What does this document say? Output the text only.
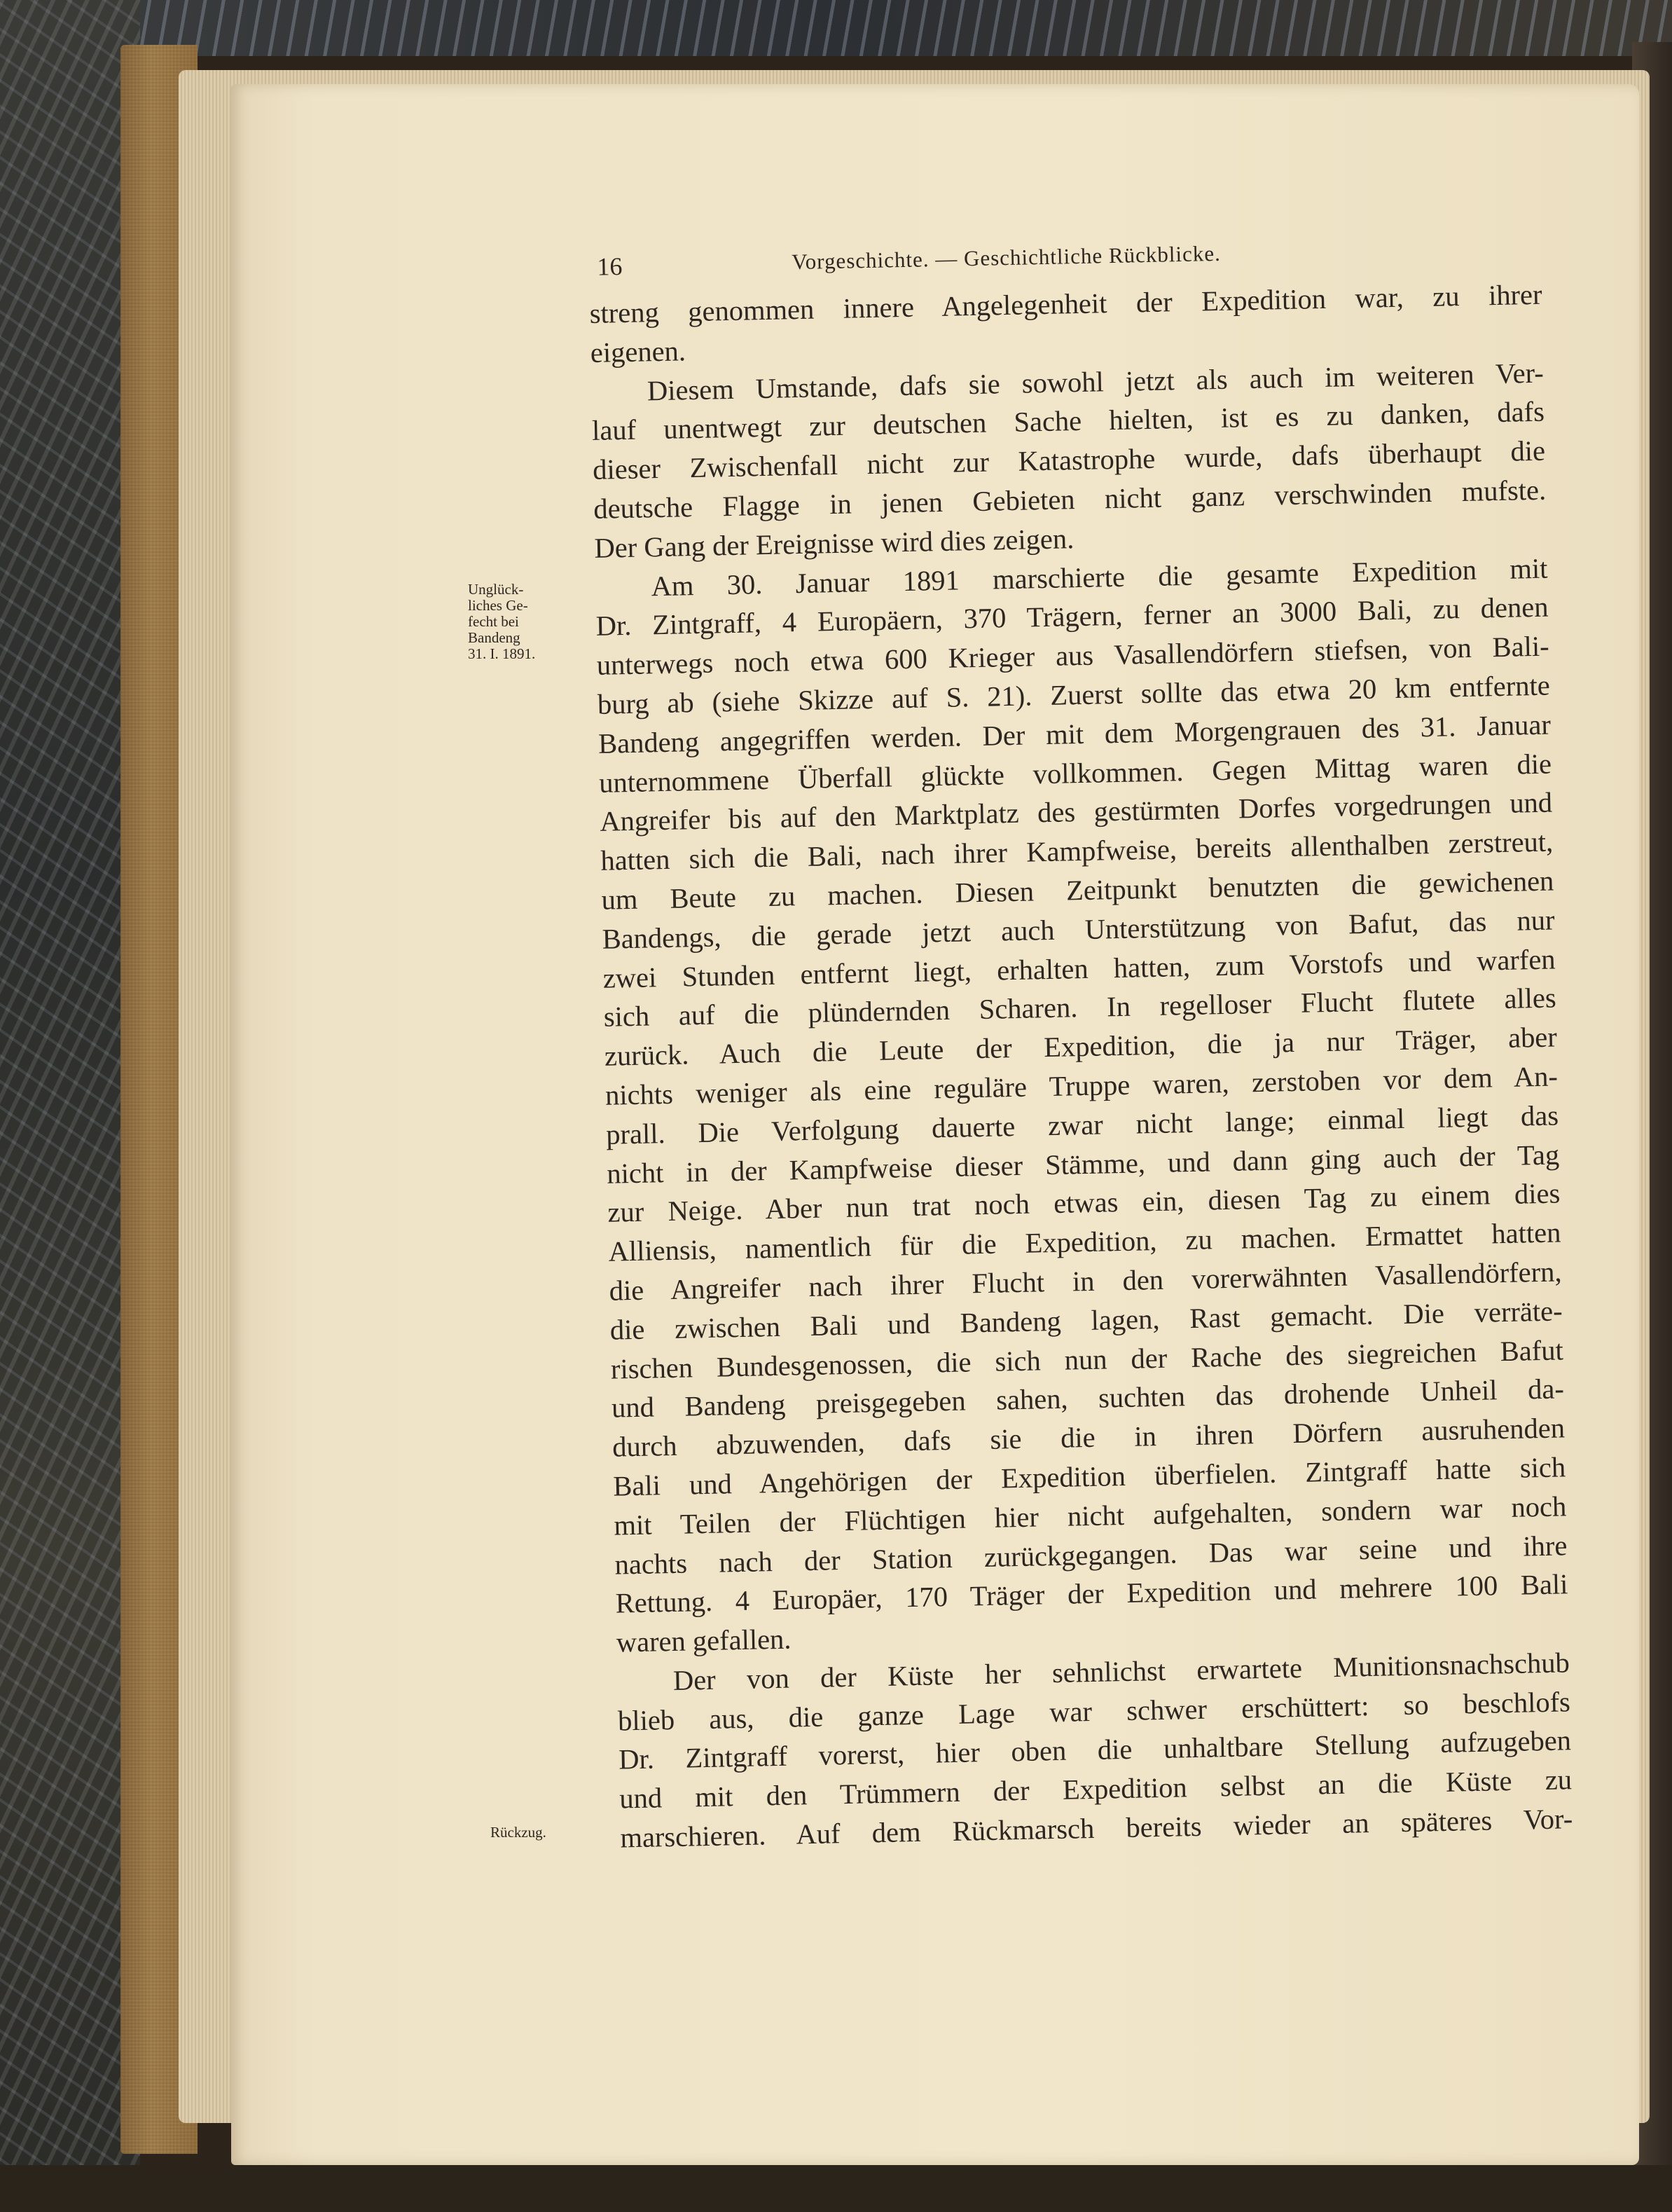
Unglück-
liches Ge-
fecht bei
Bandeng
31. I. 1891.
Rückzug.
16	Vorgeschichte. — Geschichtliche Rückblicke.
streng genommen innere Angelegenheit der Expedition war, zu ihrer
eigenen.
Diesem Umstande, dafs sie sowohl jetzt als auch im weiteren Ver-
lauf unentwegt zur deutschen Sache hielten, ist es zu danken, dafs
dieser Zwischenfall nicht zur Katastrophe wurde, dafs überhaupt die
deutsche Flagge in jenen Gebieten nicht ganz verschwinden mufste.
Der Gang der Ereignisse wird dies zeigen.
Am 30. Januar 1891 marschierte die gesamte Expedition mit
Dr. Zintgraff, 4 Europäern, 370 Trägern, ferner an 3000 Bali, zu denen
unterwegs noch etwa 600 Krieger aus Vasallendörfern stiefsen, von Bali-
burg ab (siehe Skizze auf S. 21). Zuerst sollte das etwa 20 km entfernte
Bandeng angegriffen werden. Der mit dem Morgengrauen des 31. Januar
unternommene Überfall glückte vollkommen. Gegen Mittag waren die
Angreifer bis auf den Marktplatz des gestürmten Dorfes vorgedrungen und
hatten sich die Bali, nach ihrer Kampfweise, bereits allenthalben zerstreut,
um Beute zu machen. Diesen Zeitpunkt benutzten die gewichenen
Bandengs, die gerade jetzt auch Unterstützung von Bafut, das nur
zwei Stunden entfernt liegt, erhalten hatten, zum Vorstofs und warfen
sich auf die plündernden Scharen. In regelloser Flucht flutete alles
zurück. Auch die Leute der Expedition, die ja nur Träger, aber
nichts weniger als eine reguläre Truppe waren, zerstoben vor dem An-
prall. Die Verfolgung dauerte zwar nicht lange; einmal liegt das
nicht in der Kampfweise dieser Stämme, und dann ging auch der Tag
zur Neige. Aber nun trat noch etwas ein, diesen Tag zu einem dies
Alliensis, namentlich für die Expedition, zu machen. Ermattet hatten
die Angreifer nach ihrer Flucht in den vorerwähnten Vasallendörfern,
die zwischen Bali und Bandeng lagen, Rast gemacht. Die verräte-
rischen Bundesgenossen, die sich nun der Rache des siegreichen Bafut
und Bandeng preisgegeben sahen, suchten das drohende Unheil da-
durch abzuwenden, dafs sie die in ihren Dörfern ausruhenden
Bali und Angehörigen der Expedition überfielen. Zintgraff hatte sich
mit Teilen der Flüchtigen hier nicht aufgehalten, sondern war noch
nachts nach der Station zurückgegangen. Das war seine und ihre
Rettung. 4 Europäer, 170 Träger der Expedition und mehrere 100 Bali
waren gefallen.
Der von der Küste her sehnlichst erwartete Munitionsnachschub
blieb aus, die ganze Lage war schwer erschüttert: so beschlofs
Dr. Zintgraff vorerst, hier oben die unhaltbare Stellung aufzugeben
und mit den Trümmern der Expedition selbst an die Küste zu
marschieren. Auf dem Rückmarsch bereits wieder an späteres Vor-
